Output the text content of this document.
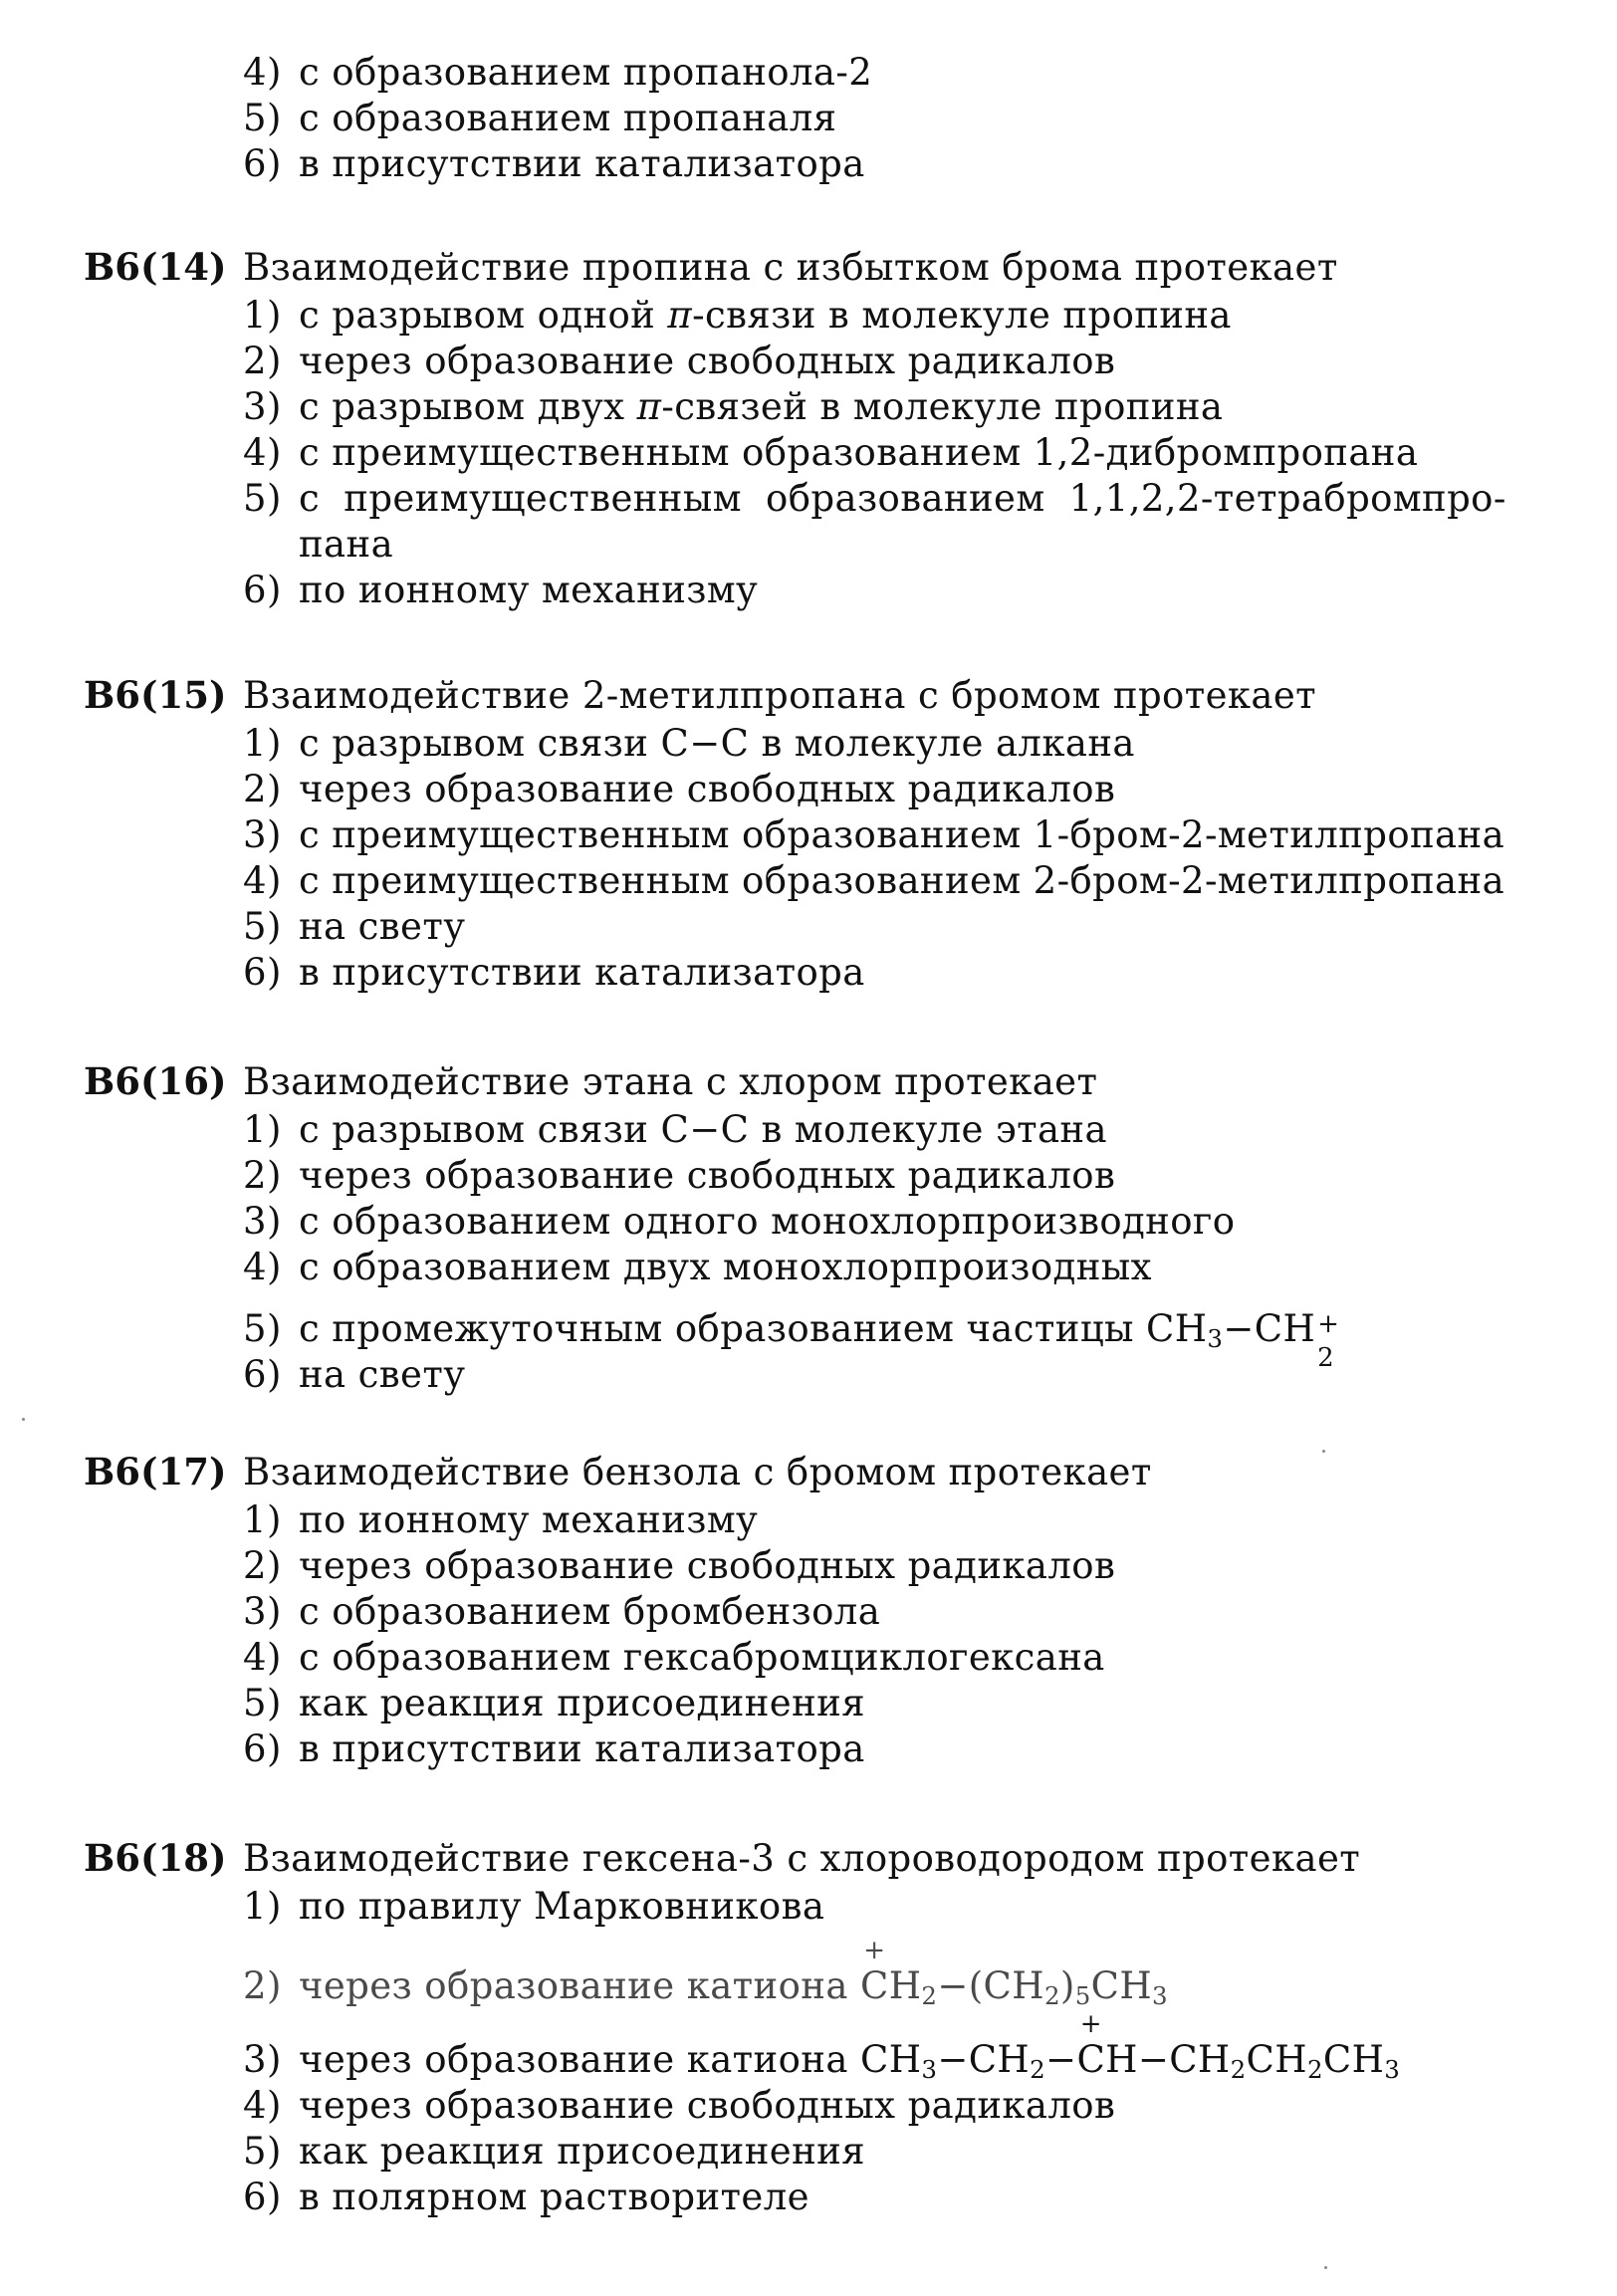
4) с образованием пропанола-2
5) с образованием пропаналя
6) в присутствии катализатора
B6(14) Взаимодействие пропина с избытком брома протекает
1) с разрывом одной π-связи в молекуле пропина
2) через образование свободных радикалов
3) с разрывом двух π-связей в молекуле пропина
4) с преимущественным образованием 1,2-дибромпропана
5) с преимущественным образованием 1,1,2,2-тетрабромпро-
пана
6) по ионному механизму
B6(15) Взаимодействие 2-метилпропана с бромом протекает
1) с разрывом связи C−C в молекуле алкана
2) через образование свободных радикалов
3) с преимущественным образованием 1-бром-2-метилпропана
4) с преимущественным образованием 2-бром-2-метилпропана
5) на свету
6) в присутствии катализатора
B6(16) Взаимодействие этана с хлором протекает
1) с разрывом связи C−C в молекуле этана
2) через образование свободных радикалов
3) с образованием одного монохлорпроизводного
4) с образованием двух монохлорпроизодных
5) с промежуточным образованием частицы $CH_3-CH$ +
2
6) на свету
B6(17) Взаимодействие бензола с бромом протекает
1) по ионному механизму
2) через образование свободных радикалов
3) с образованием бромбензола
4) с образованием гексабромциклогексана
5) как реакция присоединения
6) в присутствии катализатора
B6(18) Взаимодействие гексена-3 с хлороводородом протекает
1) по правилу Марковникова
2) через образование катиона
+
$CH_2-(CH_2)_5CH_3$
3) через образование катиона $CH_3-CH_2-$
+
$CH-CH_2CH_2CH_3$
4) через образование свободных радикалов
5) как реакция присоединения
6) в полярном растворителе
